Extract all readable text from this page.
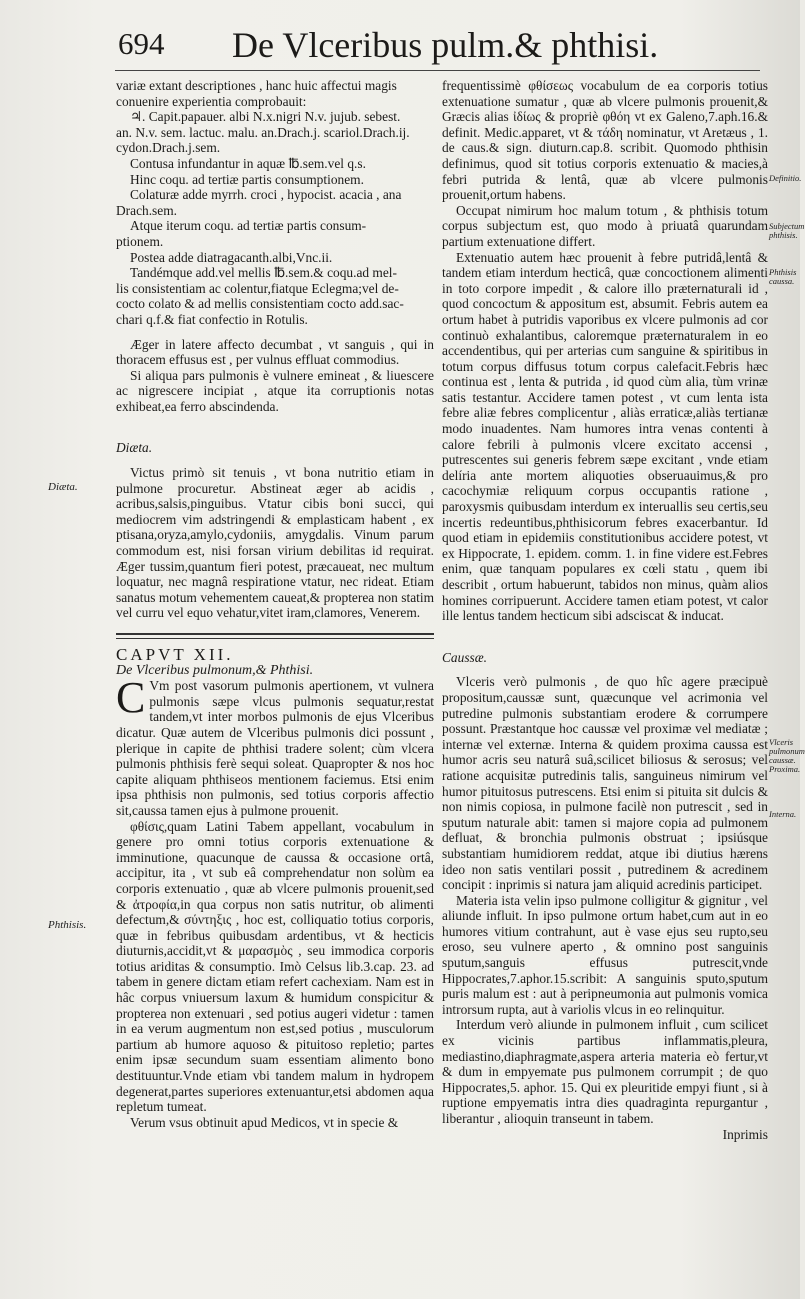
694 De Vlceribus pulm.& phthisi.

variæ extant descriptiones , hanc huic affectui magis

conuenire experientia comprobauit:

♃. Capit.papauer. albi N.x.nigri N.v. jujub. sebest.

an. N.v. sem. lactuc. malu. an.Drach.j. scariol.Drach.ij.

cydon.Drach.j.sem.

Contusa infundantur in aquæ ℔.sem.vel q.s.

Hinc coqu. ad tertiæ partis consumptionem.

Colaturæ adde myrrh. croci , hypocist. acacia , ana

Drach.sem.

Atque iterum coqu. ad tertiæ partis consum-

ptionem.

Postea adde diatragacanth.albi,Vnc.ii.

Tandémque add.vel mellis ℔.sem.& coqu.ad mel-

lis consistentiam ac colentur,fiatque Eclegma;vel de-

cocto colato & ad mellis consistentiam cocto add.sac-

chari q.f.& fiat confectio in Rotulis.

Æger in latere affecto decumbat , vt sanguis , qui in thoracem effusus est , per vulnus effluat commodius.

Si aliqua pars pulmonis è vulnere emineat , & liuescere ac nigrescere incipiat , atque ita corruptionis notas exhibeat,ea ferro abscindenda.

Diæta.

Victus primò sit tenuis , vt bona nutritio etiam in pulmone procuretur. Abstineat æger ab acidis , acribus,salsis,pinguibus. Vtatur cibis boni succi, qui mediocrem vim adstringendi & emplasticam habent , ex ptisana,oryza,amylo,cydoniis, amygdalis. Vinum parum commodum est, nisi forsan virium debilitas id requirat. Æger tussim,quantum fieri potest, præcaueat, nec multum loquatur, nec magnâ respiratione vtatur, nec rideat. Etiam sanatus motum vehementem caueat,& propterea non statim vel curru vel equo vehatur,vitet iram,clamores, Venerem.

CAPVT XII.

De Vlceribus pulmonum,& Phthisi.

C Vm post vasorum pulmonis apertionem, vt vulnera pulmonis sæpe vlcus pulmonis sequatur,restat tandem,vt inter morbos pulmonis de ejus Vlceribus dicatur. Quæ autem de Vlceribus pulmonis dici possunt , plerique in capite de phthisi tradere solent; cùm vlcera pulmonis phthisis ferè sequi soleat. Quapropter & nos hoc capite aliquam phthiseos mentionem faciemus. Etsi enim ipsa phthisis non pulmonis, sed totius corporis affectio sit,caussa tamen ejus à pulmone prouenit.

φθίσις,quam Latini Tabem appellant, vocabulum in genere pro omni totius corporis extenuatione & imminutione, quacunque de caussa & occasione ortâ, accipitur, ita , vt sub eâ comprehendatur non solùm ea corporis extenuatio , quæ ab vlcere pulmonis prouenit,sed & ἀτροφία,in qua corpus non satis nutritur, ob alimenti defectum,& σύντηξις , hoc est, colliquatio totius corporis, quæ in febribus quibusdam ardentibus, vt & hecticis diuturnis,accidit,vt & μαρασμὸς , seu immodica corporis totius ariditas & consumptio. Imò Celsus lib.3.cap. 23. ad tabem in genere dictam etiam refert cachexiam. Nam est in hâc corpus vniuersum laxum & humidum conspicitur & propterea non extenuari , sed potius augeri videtur : tamen in ea verum augmentum non est,sed potius , musculorum partium ab humore aquoso & pituitoso repletio; partes enim ipsæ secundum suam essentiam alimento bono destituuntur.Vnde etiam vbi tandem malum in hydropem degenerat,partes superiores extenuantur,etsi abdomen aqua repletum tumeat.

Verum vsus obtinuit apud Medicos, vt in specie &

frequentissimè φθίσεως vocabulum de ea corporis totius extenuatione sumatur , quæ ab vlcere pulmonis prouenit,& Græcis alias ἰδίως & propriè φθόη vt ex Galeno,7.aph.16.& definit. Medic.apparet, vt & τάδη nominatur, vt Aretæus , 1. de caus.& sign. diuturn.cap.8. scribit. Quomodo phthisin definimus, quod sit totius corporis extenuatio & macies,à febri putrida & lentâ, quæ ab vlcere pulmonis prouenit,ortum habens.

Occupat nimirum hoc malum totum , & phthisis totum corpus subjectum est, quo modo à priuatâ quarundam partium extenuatione differt.

Extenuatio autem hæc prouenit à febre putridâ,lentâ & tandem etiam interdum hecticâ, quæ concoctionem alimenti in toto corpore impedit , & calore illo præternaturali id , quod concoctum & appositum est, absumit. Febris autem ea ortum habet à putridis vaporibus ex vlcere pulmonis ad cor continuò exhalantibus, caloremque præternaturalem in eo accendentibus, qui per arterias cum sanguine & spiritibus in totum corpus diffusus totum corpus calefacit.Febris hæc continua est , lenta & putrida , id quod cùm alia, tùm vrinæ satis testantur. Accidere tamen potest , vt cum lenta ista febre aliæ febres complicentur , aliàs erraticæ,aliàs tertianæ modo inuadentes. Nam humores intra venas contenti à calore febrili à pulmonis vlcere excitato accensi , putrescentes sui generis febrem sæpe excitant , vnde etiam delíria ante mortem aliquoties obseruauimus,& pro cacochymiæ reliquum corpus occupantis ratione , paroxysmis quibusdam interdum ex interuallis seu certis,seu incertis redeuntibus,phthisicorum febres exacerbantur. Id quod etiam in epidemiis constitutionibus accidere potest, vt ex Hippocrate, 1. epidem. comm. 1. in fine videre est.Febres enim, quæ tanquam populares ex cœli statu , quem ibi describit , ortum habuerunt, tabidos non minus, quàm alios homines corripuerunt. Accidere tamen etiam potest, vt calor ille lentus tandem hecticum sibi adsciscat & inducat.

Caussæ.

Vlceris verò pulmonis , de quo hîc agere præcipuè propositum,caussæ sunt, quæcunque vel acrimonia vel putredine pulmonis substantiam erodere & corrumpere possunt. Præstantque hoc caussæ vel proximæ vel mediatæ ; internæ vel externæ. Interna & quidem proxima caussa est humor acris seu naturâ suâ,scilicet biliosus & serosus; vel ratione acquisitæ putredinis talis, sanguineus nimirum vel humor pituitosus putrescens. Etsi enim si pituita sit dulcis & non nimis copiosa, in pulmone facilè non putrescit , sed in sputum naturale abit: tamen si majore copia ad pulmonem defluat, & bronchia pulmonis obstruat ; ipsiúsque substantiam humidiorem reddat, atque ibi diutius hærens ideo non satis ventilari possit , putredinem & acredinem concipit : inprimis si natura jam aliquid acredinis participet.

Materia ista velin ipso pulmone colligitur & gignitur , vel aliunde influit. In ipso pulmone ortum habet,cum aut in eo humores vitium contrahunt, aut è vase ejus seu rupto,seu eroso, seu vulnere aperto , & omnino post sanguinis sputum,sanguis effusus putrescit,vnde Hippocrates,7.aphor.15.scribit: A sanguinis sputo,sputum puris malum est : aut à peripneumonia aut pulmonis vomica introrsum rupta, aut à variolis vlcus in eo relinquitur.

Interdum verò aliunde in pulmonem influit , cum scilicet ex vicinis partibus inflammatis,pleura, mediastino,diaphragmate,aspera arteria materia eò fertur,vt & dum in empyemate pus pulmonem corrumpit ; de quo Hippocrates,5. aphor. 15. Qui ex pleuritide empyi fiunt , si à ruptione empyematis intra dies quadraginta repurgantur , liberantur , alioquin transeunt in tabem.

Inprimis

Diæta.
Phthisis.
Definitio.
Subjectum phthisis.
Phthisis caussa.
Vlceris pulmonum caussæ. Proxima.
Interna.
